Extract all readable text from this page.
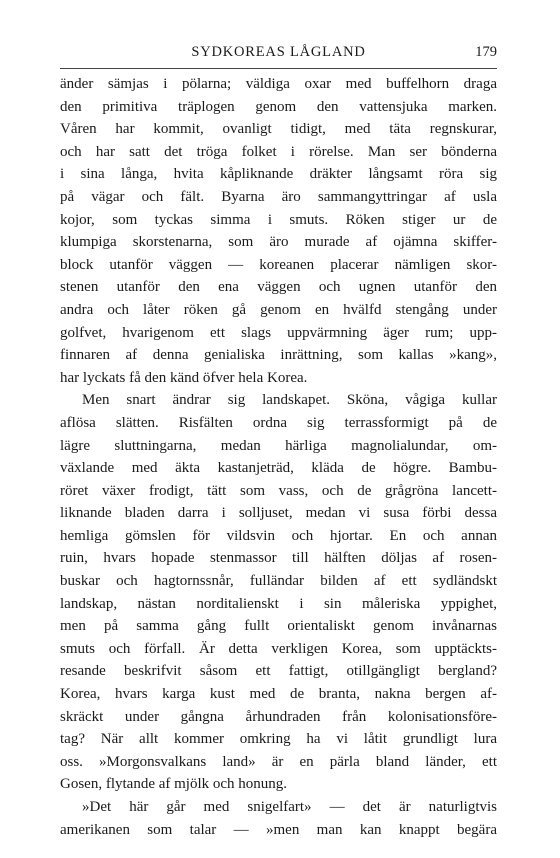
SYDKOREAS LÅGLAND	179
änder sämjas i pölarna; väldiga oxar med buffelhorn draga
den primitiva träplogen genom den vattensjuka marken.
Våren har kommit, ovanligt tidigt, med täta regnskurar,
och har satt det tröga folket i rörelse. Man ser bönderna
i sina långa, hvita kåpliknande dräkter långsamt röra sig
på vägar och fält. Byarna äro sammangyttringar af usla
kojor, som tyckas simma i smuts. Röken stiger ur de
klumpiga skorstenarna, som äro murade af ojämna skiffer-
block utanför väggen — koreanen placerar nämligen skor-
stenen utanför den ena väggen och ugnen utanför den
andra och låter röken gå genom en hvälfd stengång under
golfvet, hvarigenom ett slags uppvärmning äger rum; upp-
finnaren af denna genialiska inrättning, som kallas »kang»,
har lyckats få den känd öfver hela Korea.
Men snart ändrar sig landskapet. Sköna, vågiga kullar
aflösa slätten. Risfälten ordna sig terrassformigt på de
lägre sluttningarna, medan härliga magnolialundar, om-
växlande med äkta kastanjeträd, kläda de högre. Bambu-
röret växer frodigt, tätt som vass, och de grågröna lancett-
liknande bladen darra i solljuset, medan vi susa förbi dessa
hemliga gömslen för vildsvin och hjortar. En och annan
ruin, hvars hopade stenmassor till hälften döljas af rosen-
buskar och hagtornssnår, fulländar bilden af ett sydländskt
landskap, nästan norditalienskt i sin måleriska yppighet,
men på samma gång fullt orientaliskt genom invånarnas
smuts och förfall. Är detta verkligen Korea, som upptäckts-
resande beskrifvit såsom ett fattigt, otillgängligt bergland?
Korea, hvars karga kust med de branta, nakna bergen af-
skräckt under gångna århundraden från kolonisationsföre-
tag? När allt kommer omkring ha vi låtit grundligt lura
oss. »Morgonsvalkans land» är en pärla bland länder, ett
Gosen, flytande af mjölk och honung.
»Det här går med snigelfart» — det är naturligtvis
amerikanen som talar — »men man kan knappt begära
